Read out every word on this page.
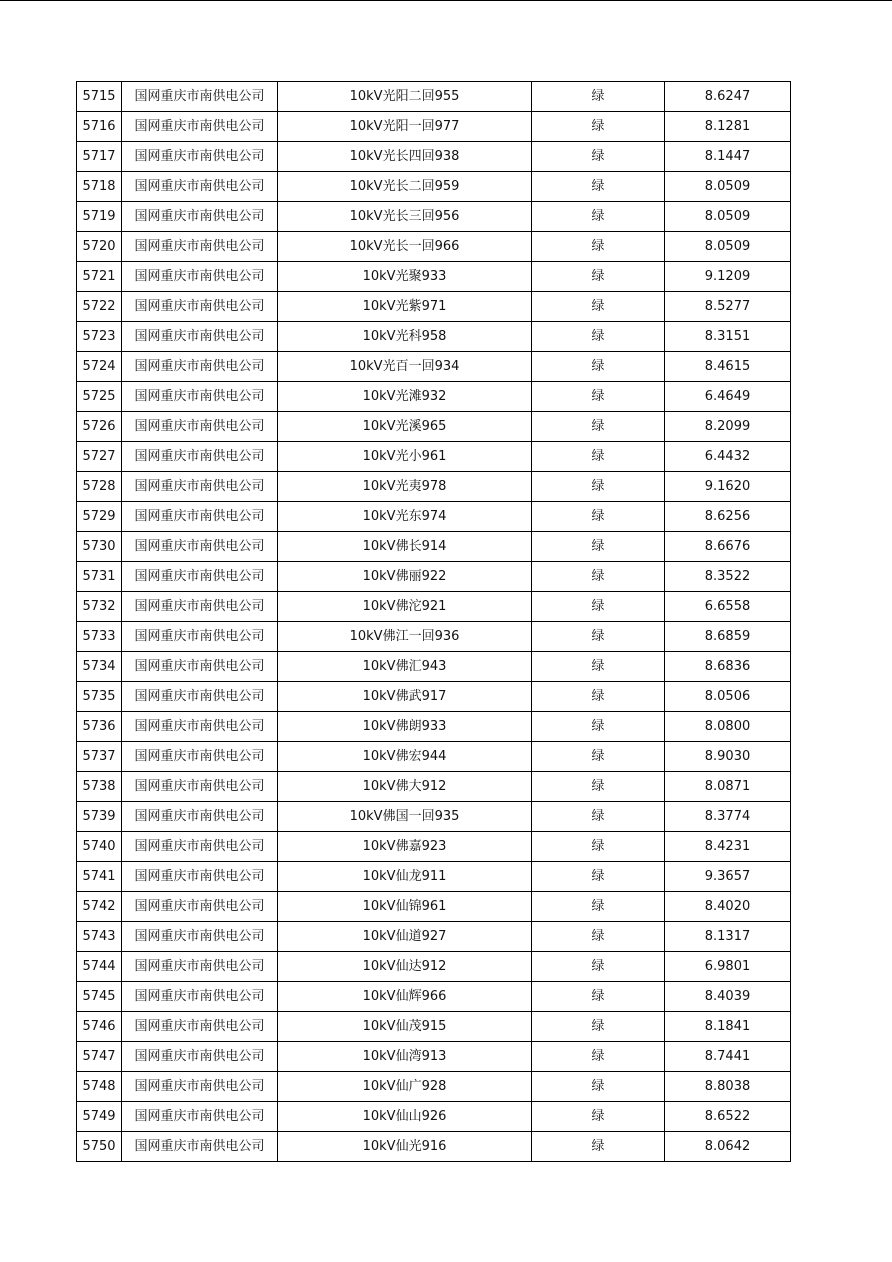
5715	国网重庆市南供电公司	10kV光阳二回955	绿	8.6247
5716	国网重庆市南供电公司	10kV光阳一回977	绿	8.1281
5717	国网重庆市南供电公司	10kV光长四回938	绿	8.1447
5718	国网重庆市南供电公司	10kV光长二回959	绿	8.0509
5719	国网重庆市南供电公司	10kV光长三回956	绿	8.0509
5720	国网重庆市南供电公司	10kV光长一回966	绿	8.0509
5721	国网重庆市南供电公司	10kV光聚933	绿	9.1209
5722	国网重庆市南供电公司	10kV光紫971	绿	8.5277
5723	国网重庆市南供电公司	10kV光科958	绿	8.3151
5724	国网重庆市南供电公司	10kV光百一回934	绿	8.4615
5725	国网重庆市南供电公司	10kV光滩932	绿	6.4649
5726	国网重庆市南供电公司	10kV光溪965	绿	8.2099
5727	国网重庆市南供电公司	10kV光小961	绿	6.4432
5728	国网重庆市南供电公司	10kV光夷978	绿	9.1620
5729	国网重庆市南供电公司	10kV光东974	绿	8.6256
5730	国网重庆市南供电公司	10kV佛长914	绿	8.6676
5731	国网重庆市南供电公司	10kV佛丽922	绿	8.3522
5732	国网重庆市南供电公司	10kV佛沱921	绿	6.6558
5733	国网重庆市南供电公司	10kV佛江一回936	绿	8.6859
5734	国网重庆市南供电公司	10kV佛汇943	绿	8.6836
5735	国网重庆市南供电公司	10kV佛武917	绿	8.0506
5736	国网重庆市南供电公司	10kV佛朗933	绿	8.0800
5737	国网重庆市南供电公司	10kV佛宏944	绿	8.9030
5738	国网重庆市南供电公司	10kV佛大912	绿	8.0871
5739	国网重庆市南供电公司	10kV佛国一回935	绿	8.3774
5740	国网重庆市南供电公司	10kV佛嘉923	绿	8.4231
5741	国网重庆市南供电公司	10kV仙龙911	绿	9.3657
5742	国网重庆市南供电公司	10kV仙锦961	绿	8.4020
5743	国网重庆市南供电公司	10kV仙道927	绿	8.1317
5744	国网重庆市南供电公司	10kV仙达912	绿	6.9801
5745	国网重庆市南供电公司	10kV仙辉966	绿	8.4039
5746	国网重庆市南供电公司	10kV仙茂915	绿	8.1841
5747	国网重庆市南供电公司	10kV仙湾913	绿	8.7441
5748	国网重庆市南供电公司	10kV仙广928	绿	8.8038
5749	国网重庆市南供电公司	10kV仙山926	绿	8.6522
5750	国网重庆市南供电公司	10kV仙光916	绿	8.0642
